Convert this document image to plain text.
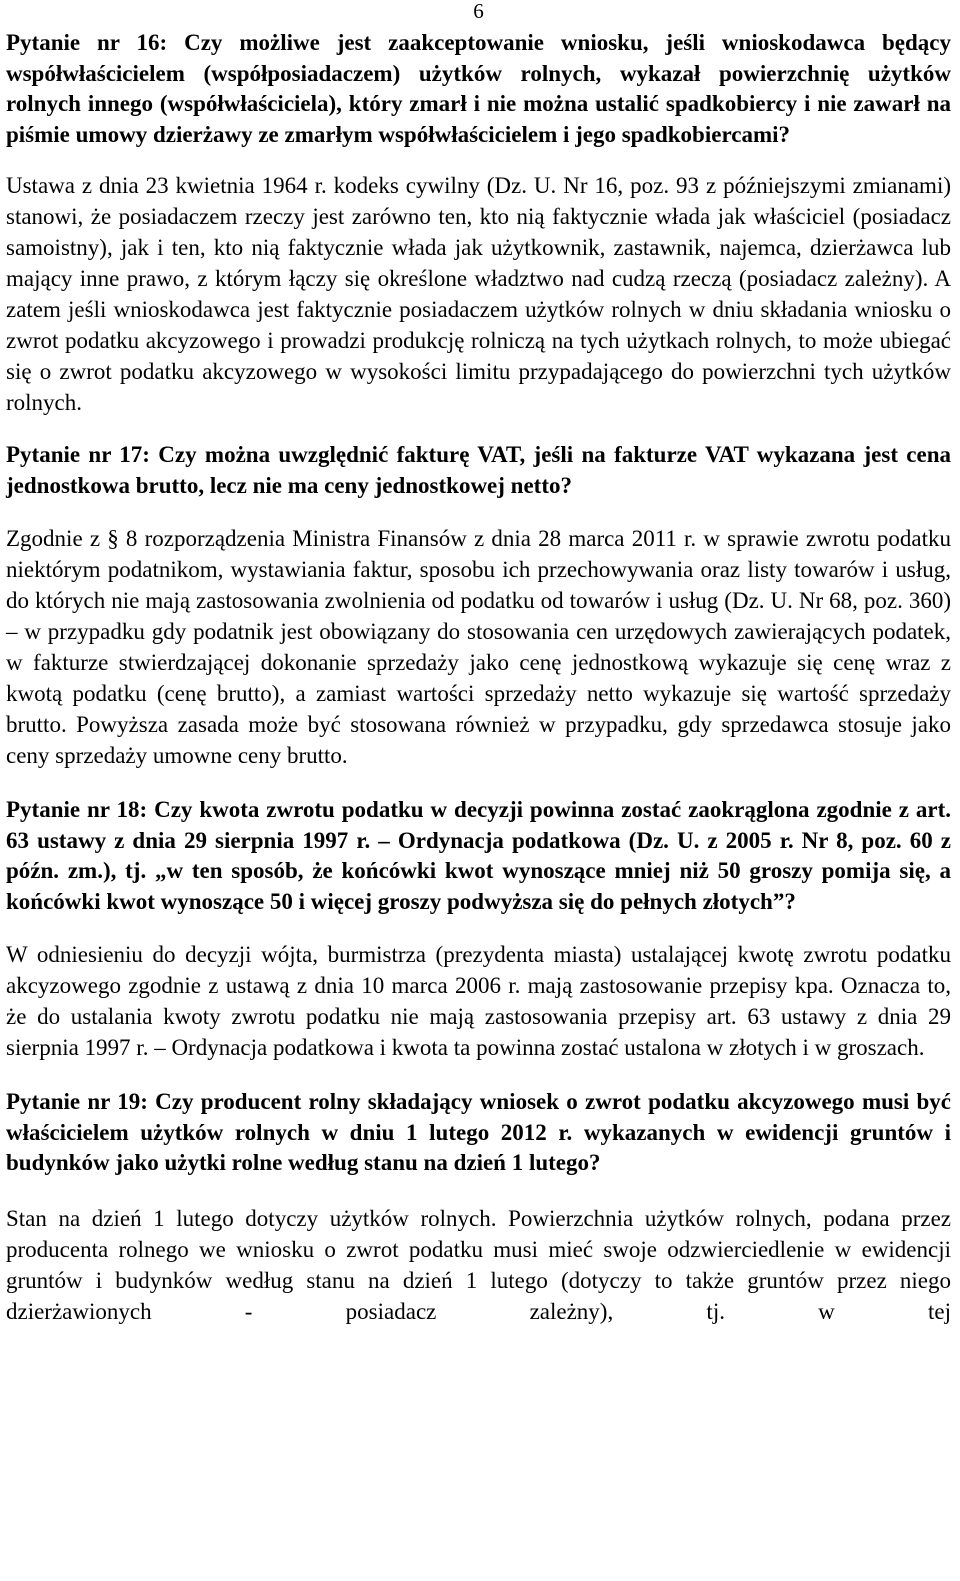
6

Pytanie nr 16: Czy możliwe jest zaakceptowanie wniosku, jeśli wnioskodawca będący współwłaścicielem (współposiadaczem) użytków rolnych, wykazał powierzchnię użytków rolnych innego (współwłaściciela), który zmarł i nie można ustalić spadkobiercy i nie zawarł na piśmie umowy dzierżawy ze zmarłym współwłaścicielem i jego spadkobiercami?

Ustawa z dnia 23 kwietnia 1964 r. kodeks cywilny (Dz. U. Nr 16, poz. 93 z późniejszymi zmianami) stanowi, że posiadaczem rzeczy jest zarówno ten, kto nią faktycznie włada jak właściciel (posiadacz samoistny), jak i ten, kto nią faktycznie włada jak użytkownik, zastawnik, najemca, dzierżawca lub mający inne prawo, z którym łączy się określone władztwo nad cudzą rzeczą (posiadacz zależny). A zatem jeśli wnioskodawca jest faktycznie posiadaczem użytków rolnych w dniu składania wniosku o zwrot podatku akcyzowego i prowadzi produkcję rolniczą na tych użytkach rolnych, to może ubiegać się o zwrot podatku akcyzowego w wysokości limitu przypadającego do powierzchni tych użytków rolnych.

Pytanie nr 17: Czy można uwzględnić fakturę VAT, jeśli na fakturze VAT wykazana jest cena jednostkowa brutto, lecz nie ma ceny jednostkowej netto?

Zgodnie z § 8 rozporządzenia Ministra Finansów z dnia 28 marca 2011 r. w sprawie zwrotu podatku niektórym podatnikom, wystawiania faktur, sposobu ich przechowywania oraz listy towarów i usług, do których nie mają zastosowania zwolnienia od podatku od towarów i usług (Dz. U. Nr 68, poz. 360) – w przypadku gdy podatnik jest obowiązany do stosowania cen urzędowych zawierających podatek, w fakturze stwierdzającej dokonanie sprzedaży jako cenę jednostkową wykazuje się cenę wraz z kwotą podatku (cenę brutto), a zamiast wartości sprzedaży netto wykazuje się wartość sprzedaży brutto. Powyższa zasada może być stosowana również w przypadku, gdy sprzedawca stosuje jako ceny sprzedaży umowne ceny brutto.

Pytanie nr 18: Czy kwota zwrotu podatku w decyzji powinna zostać zaokrąglona zgodnie z art. 63 ustawy z dnia 29 sierpnia 1997 r. – Ordynacja podatkowa (Dz. U. z 2005 r. Nr 8, poz. 60 z późn. zm.), tj. „w ten sposób, że końcówki kwot wynoszące mniej niż 50 groszy pomija się, a końcówki kwot wynoszące 50 i więcej groszy podwyższa się do pełnych złotych”?

W odniesieniu do decyzji wójta, burmistrza (prezydenta miasta) ustalającej kwotę zwrotu podatku akcyzowego zgodnie z ustawą z dnia 10 marca 2006 r. mają zastosowanie przepisy kpa. Oznacza to, że do ustalania kwoty zwrotu podatku nie mają zastosowania przepisy art. 63 ustawy z dnia 29 sierpnia 1997 r. – Ordynacja podatkowa i kwota ta powinna zostać ustalona w złotych i w groszach.

Pytanie nr 19: Czy producent rolny składający wniosek o zwrot podatku akcyzowego musi być właścicielem użytków rolnych w dniu 1 lutego 2012 r. wykazanych w ewidencji gruntów i budynków jako użytki rolne według stanu na dzień 1 lutego?

Stan na dzień 1 lutego dotyczy użytków rolnych. Powierzchnia użytków rolnych, podana przez producenta rolnego we wniosku o zwrot podatku musi mieć swoje odzwierciedlenie w ewidencji gruntów i budynków według stanu na dzień 1 lutego (dotyczy to także gruntów przez niego dzierżawionych - posiadacz zależny), tj. w tej
